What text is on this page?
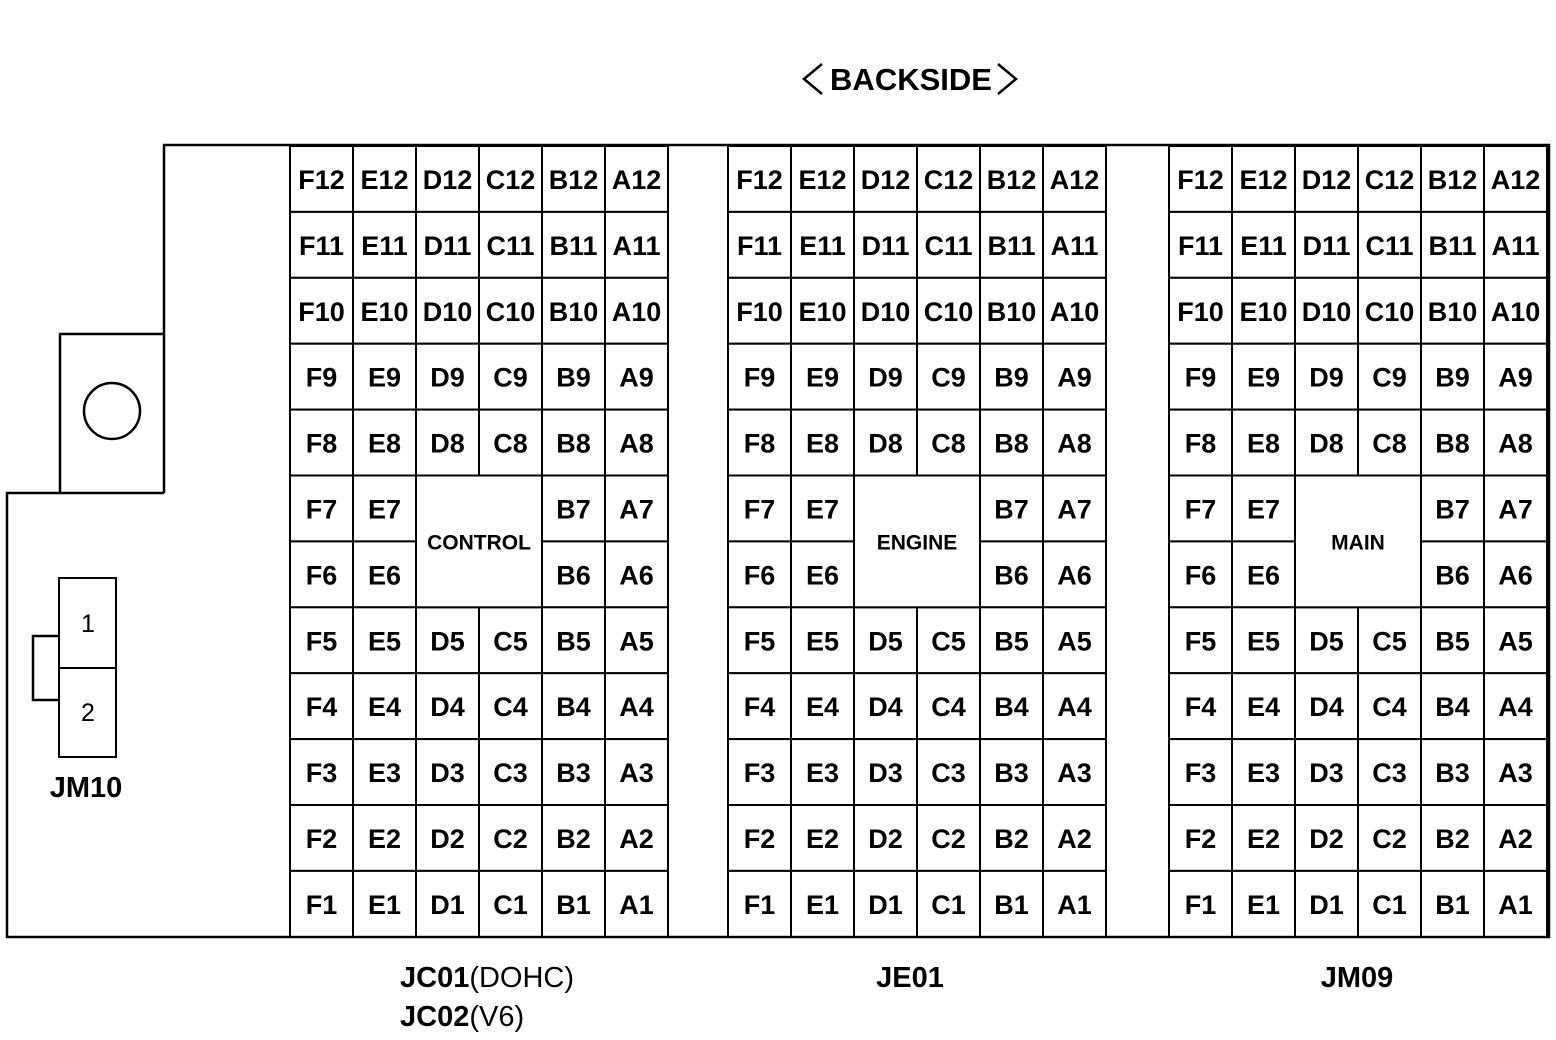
BACKSIDE
1
2
JM10
F12 E12 D12 C12 B12 A12
F11 E11 D11 C11 B11 A11
F10 E10 D10 C10 B10 A10
F9 E9 D9 C9 B9 A9
F8 E8 D8 C8 B8 A8
F7 E7	B7 A7
F6 E6	B6 A6
F5 E5 D5 C5 B5 A5
F4 E4 D4 C4 B4 A4
F3 E3 D3 C3 B3 A3
F2 E2 D2 C2 B2 A2
F1 E1 D1 C1 B1 A1
CONTROL
F12 E12 D12 C12 B12 A12
F11 E11 D11 C11 B11 A11
F10 E10 D10 C10 B10 A10
F9 E9 D9 C9 B9 A9
F8 E8 D8 C8 B8 A8
F7 E7	B7 A7
F6 E6	B6 A6
F5 E5 D5 C5 B5 A5
F4 E4 D4 C4 B4 A4
F3 E3 D3 C3 B3 A3
F2 E2 D2 C2 B2 A2
F1 E1 D1 C1 B1 A1
ENGINE
F12 E12 D12 C12 B12 A12
F11 E11 D11 C11 B11 A11
F10 E10 D10 C10 B10 A10
F9 E9 D9 C9 B9 A9
F8 E8 D8 C8 B8 A8
F7 E7	B7 A7
F6 E6	B6 A6
F5 E5 D5 C5 B5 A5
F4 E4 D4 C4 B4 A4
F3 E3 D3 C3 B3 A3
F2 E2 D2 C2 B2 A2
F1 E1 D1 C1 B1 A1
MAIN
JC01(DOHC)
JC02(V6)
JE01	JM09
